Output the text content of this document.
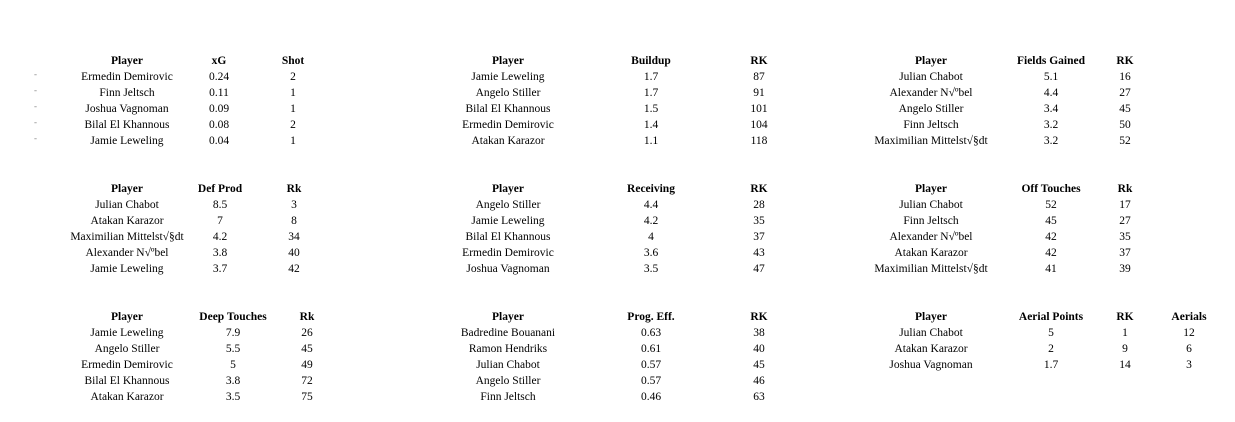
Player	xG	Shot
Ermedin Demirovic	0.24	2
Finn Jeltsch	0.11	1
Joshua Vagnoman	0.09	1
Bilal El Khannous	0.08	2
Jamie Leweling	0.04	1
-
-
-
-
-
Player	Buildup	RK
Jamie Leweling	1.7	87
Angelo Stiller	1.7	91
Bilal El Khannous	1.5	101
Ermedin Demirovic	1.4	104
Atakan Karazor	1.1	118
Player	Fields Gained	RK
Julian Chabot	5.1	16
Alexander N√ºbel	4.4	27
Angelo Stiller	3.4	45
Finn Jeltsch	3.2	50
Maximilian Mittelst√§dt	3.2	52
Player	Def Prod	Rk
Julian Chabot	8.5	3
Atakan Karazor	7	8
Maximilian Mittelst√§dt	4.2	34
Alexander N√ºbel	3.8	40
Jamie Leweling	3.7	42
Player	Receiving	RK
Angelo Stiller	4.4	28
Jamie Leweling	4.2	35
Bilal El Khannous	4	37
Ermedin Demirovic	3.6	43
Joshua Vagnoman	3.5	47
Player	Off Touches	Rk
Julian Chabot	52	17
Finn Jeltsch	45	27
Alexander N√ºbel	42	35
Atakan Karazor	42	37
Maximilian Mittelst√§dt	41	39
Player	Deep Touches	Rk
Jamie Leweling	7.9	26
Angelo Stiller	5.5	45
Ermedin Demirovic	5	49
Bilal El Khannous	3.8	72
Atakan Karazor	3.5	75
Player	Prog. Eff.	RK
Badredine Bouanani	0.63	38
Ramon Hendriks	0.61	40
Julian Chabot	0.57	45
Angelo Stiller	0.57	46
Finn Jeltsch	0.46	63
Player	Aerial Points	RK	Aerials
Julian Chabot	5	1	12
Atakan Karazor	2	9	6
Joshua Vagnoman	1.7	14	3
